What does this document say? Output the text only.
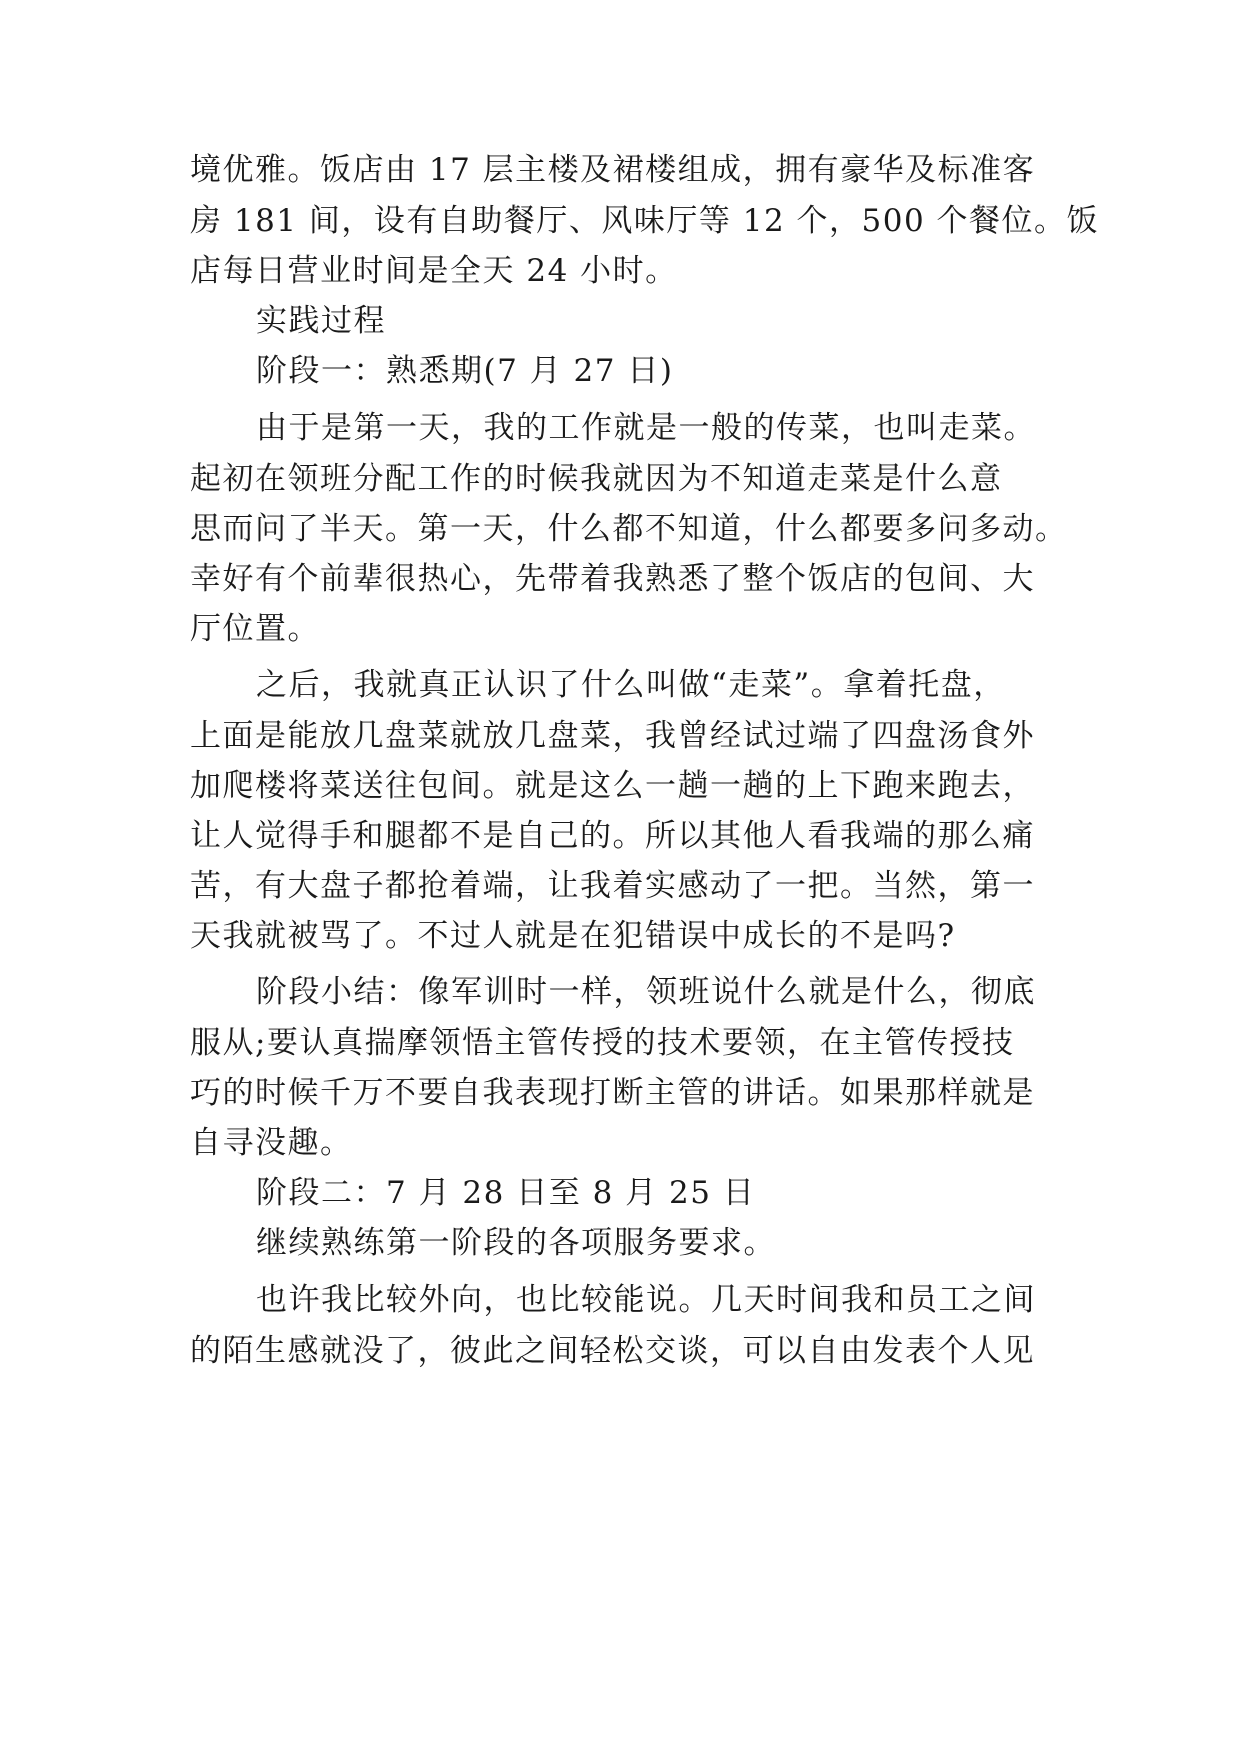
境优雅。饭店由 17 层主楼及裙楼组成，拥有豪华及标准客

房 181 间，设有自助餐厅、风味厅等 12 个，500 个餐位。饭

店每日营业时间是全天 24 小时。

实践过程

阶段一：熟悉期(7 月 27 日)

由于是第一天，我的工作就是一般的传菜，也叫走菜。

起初在领班分配工作的时候我就因为不知道走菜是什么意

思而问了半天。第一天，什么都不知道，什么都要多问多动。

幸好有个前辈很热心，先带着我熟悉了整个饭店的包间、大

厅位置。

之后，我就真正认识了什么叫做“走菜”。拿着托盘，

上面是能放几盘菜就放几盘菜，我曾经试过端了四盘汤食外

加爬楼将菜送往包间。就是这么一趟一趟的上下跑来跑去，

让人觉得手和腿都不是自己的。所以其他人看我端的那么痛

苦，有大盘子都抢着端，让我着实感动了一把。当然，第一

天我就被骂了。不过人就是在犯错误中成长的不是吗?

阶段小结：像军训时一样，领班说什么就是什么，彻底

服从;要认真揣摩领悟主管传授的技术要领，在主管传授技

巧的时候千万不要自我表现打断主管的讲话。如果那样就是

自寻没趣。

阶段二：7 月 28 日至 8 月 25 日

继续熟练第一阶段的各项服务要求。

也许我比较外向，也比较能说。几天时间我和员工之间

的陌生感就没了，彼此之间轻松交谈，可以自由发表个人见
